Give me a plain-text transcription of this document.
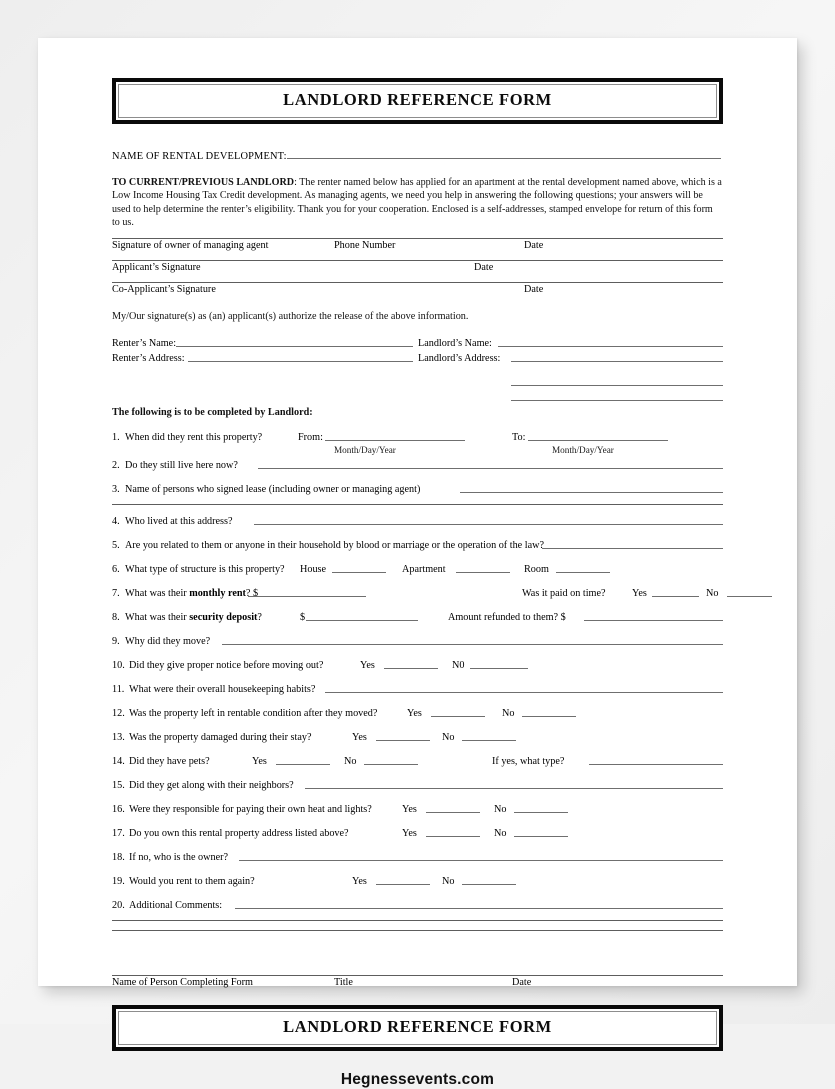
LANDLORD REFERENCE FORM
NAME OF RENTAL DEVELOPMENT:
TO CURRENT/PREVIOUS LANDLORD: The renter named below has applied for an apartment at the rental development named above, which is a Low Income Housing Tax Credit development. As managing agents, we need you help in answering the following questions; your answers will be used to help determine the renter’s eligibility. Thank you for your cooperation. Enclosed is a self-addresses, stamped envelope for return of this form to us.
Signature of owner of managing agent	Phone Number	Date
Applicant’s Signature	Date
Co-Applicant’s Signature	Date
My/Our signature(s) as (an) applicant(s) authorize the release of the above information.
Renter’s Name:	Landlord’s Name:
Renter’s Address:	Landlord’s Address:
The following is to be completed by Landlord:
1. When did they rent this property?	From:	To:
Month/Day/Year	Month/Day/Year
2. Do they still live here now?
3. Name of persons who signed lease (including owner or managing agent)
4. Who lived at this address?
5. Are you related to them or anyone in their household by blood or marriage or the operation of the law?
6. What type of structure is this property? House	Apartment	Room
7. What was their monthly rent? $	Was it paid on time?	Yes	No
8. What was their security deposit?	$	Amount refunded to them? $
9. Why did they move?
10. Did they give proper notice before moving out?	Yes	N0
11. What were their overall housekeeping habits?
12. Was the property left in rentable condition after they moved?	Yes	No
13. Was the property damaged during their stay?	Yes	No
14. Did they have pets?	Yes	No	If yes, what type?
15. Did they get along with their neighbors?
16. Were they responsible for paying their own heat and lights?	Yes	No
17. Do you own this rental property address listed above?	Yes	No
18. If no, who is the owner?
19. Would you rent to them again?	Yes	No
20. Additional Comments:
Name of Person Completing Form	Title	Date
LANDLORD REFERENCE FORM
Hegnessevents.com
